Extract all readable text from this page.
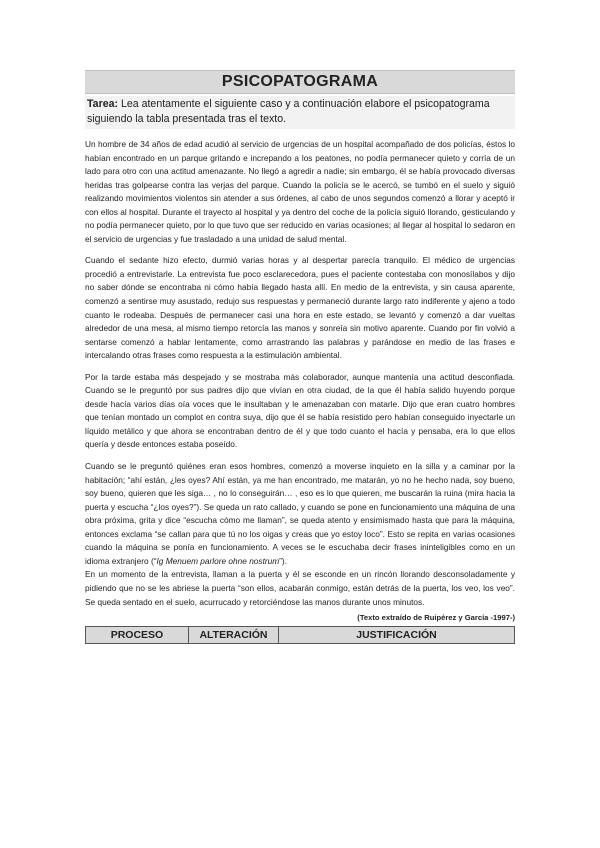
PSICOPATOGRAMA
Tarea: Lea atentamente el siguiente caso y a continuación elabore el psicopatograma siguiendo la tabla presentada tras el texto.

Un hombre de 34 años de edad acudió al servicio de urgencias de un hospital acompañado de dos policías, éstos lo habían encontrado en un parque gritando e increpando a los peatones, no podía permanecer quieto y corría de un lado para otro con una actitud amenazante. No llegó a agredir a nadie; sin embargo, él se había provocado diversas heridas tras golpearse contra las verjas del parque. Cuando la policía se le acercó, se tumbó en el suelo y siguió realizando movimientos violentos sin atender a sus órdenes, al cabo de unos segundos comenzó a llorar y aceptó ir con ellos al hospital. Durante el trayecto al hospital y ya dentro del coche de la policía siguió llorando, gesticulando y no podía permanecer quieto, por lo que tuvo que ser reducido en varias ocasiones; al llegar al hospital lo sedaron en el servicio de urgencias y fue trasladado a una unidad de salud mental.

Cuando el sedante hizo efecto, durmió varias horas y al despertar parecía tranquilo. El médico de urgencias procedió a entrevistarle. La entrevista fue poco esclarecedora, pues el paciente contestaba con monosílabos y dijo no saber dónde se encontraba ni cómo había llegado hasta allí. En medio de la entrevista, y sin causa aparente, comenzó a sentirse muy asustado, redujo sus respuestas y permaneció durante largo rato indiferente y ajeno a todo cuanto le rodeaba. Después de permanecer casi una hora en este estado, se levantó y comenzó a dar vueltas alrededor de una mesa, al mismo tiempo retorcía las manos y sonreía sin motivo aparente. Cuando por fin volvió a sentarse comenzó a hablar lentamente, como arrastrando las palabras y parándose en medio de las frases e intercalando otras frases como respuesta a la estimulación ambiental.

Por la tarde estaba más despejado y se mostraba más colaborador, aunque mantenía una actitud desconfiada. Cuando se le preguntó por sus padres dijo que vivían en otra ciudad, de la que él había salido huyendo porque desde hacía varios días oía voces que le insultaban y le amenazaban con matarle. Dijo que eran cuatro hombres que tenían montado un complot en contra suya, dijo que él se había resistido pero habían conseguido inyectarle un líquido metálico y que ahora se encontraban dentro de él y que todo cuanto el hacía y pensaba, era lo que ellos quería y desde entonces estaba poseído.

Cuando se le preguntó quiénes eran esos hombres, comenzó a moverse inquieto en la silla y a caminar por la habitación; “ahí están, ¿les oyes? Ahí están, ya me han encontrado, me matarán, yo no he hecho nada, soy bueno, soy bueno, quieren que les siga… , no lo conseguirán… , eso es lo que quieren, me buscarán la ruina (mira hacia la puerta y escucha “¿los oyes?”). Se queda un rato callado, y cuando se pone en funcionamiento una máquina de una obra próxima, grita y dice “escucha cómo me llaman”, se queda atento y ensimismado hasta que para la máquina, entonces exclama “se callan para que tú no los oigas y creas que yo estoy loco”. Esto se repita en varias ocasiones cuando la máquina se ponía en funcionamiento. A veces se le escuchaba decir frases ininteligibles como en un idioma extranjero (“Ig Menuem parlore ohne nostrum”).

En un momento de la entrevista, llaman a la puerta y él se esconde en un rincón llorando desconsoladamente y pidiendo que no se les abriese la puerta “son ellos, acabarán conmigo, están detrás de la puerta, los veo, los veo”. Se queda sentado en el suelo, acurrucado y retorciéndose las manos durante unos minutos.

(Texto extraído de Ruipérez y García -1997-)
PROCESO	ALTERACIÓN	JUSTIFICACIÓN
